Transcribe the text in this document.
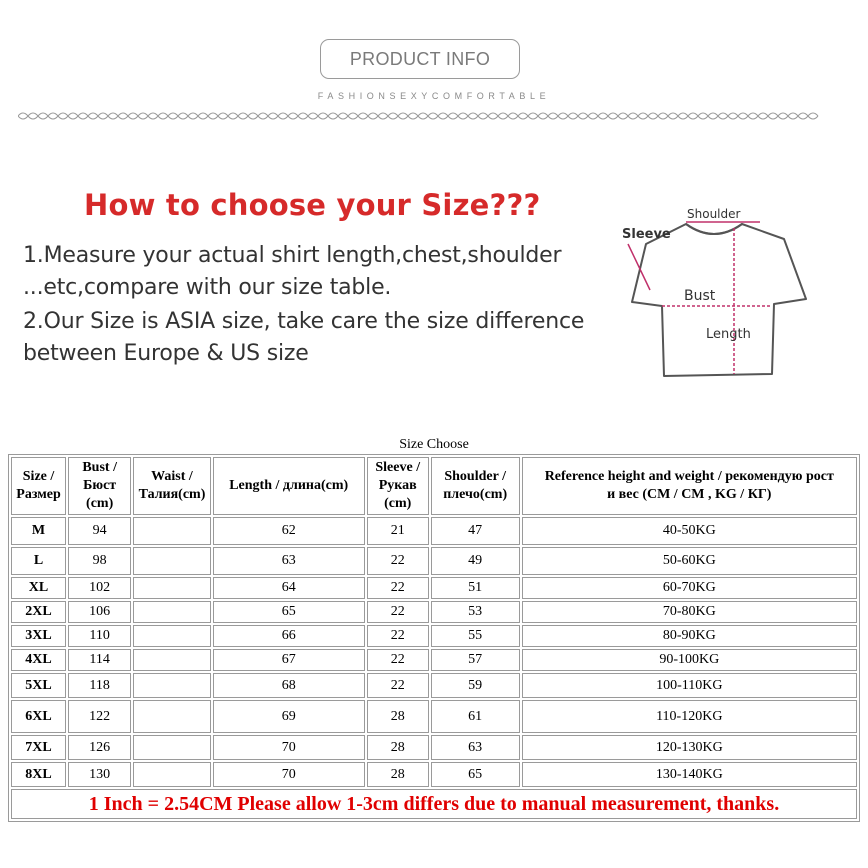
PRODUCT INFO
FASHIONSEXYCOMFORTABLE
How to choose your Size???
1.Measure your actual shirt length,chest,shoulder
...etc,compare with our size table.
2.Our Size is ASIA size, take care the size difference
between Europe & US size
Shoulder
Sleeve
Bust
Length
Size Choose
Size /
Размер	Bust /
Бюст
(cm)	Waist /
Талия(cm)	Length / длина(cm)	Sleeve /
Рукав
(cm)	Shoulder /
плечо(cm)	Reference height and weight / рекомендую рост
и вес (CM / CM , KG / КГ)
M	94		62	21	47	40-50KG
L	98		63	22	49	50-60KG
XL	102		64	22	51	60-70KG
2XL	106		65	22	53	70-80KG
3XL	110		66	22	55	80-90KG
4XL	114		67	22	57	90-100KG
5XL	118		68	22	59	100-110KG
6XL	122		69	28	61	110-120KG
7XL	126		70	28	63	120-130KG
8XL	130		70	28	65	130-140KG
1 Inch = 2.54CM Please allow 1-3cm differs due to manual measurement, thanks.						
